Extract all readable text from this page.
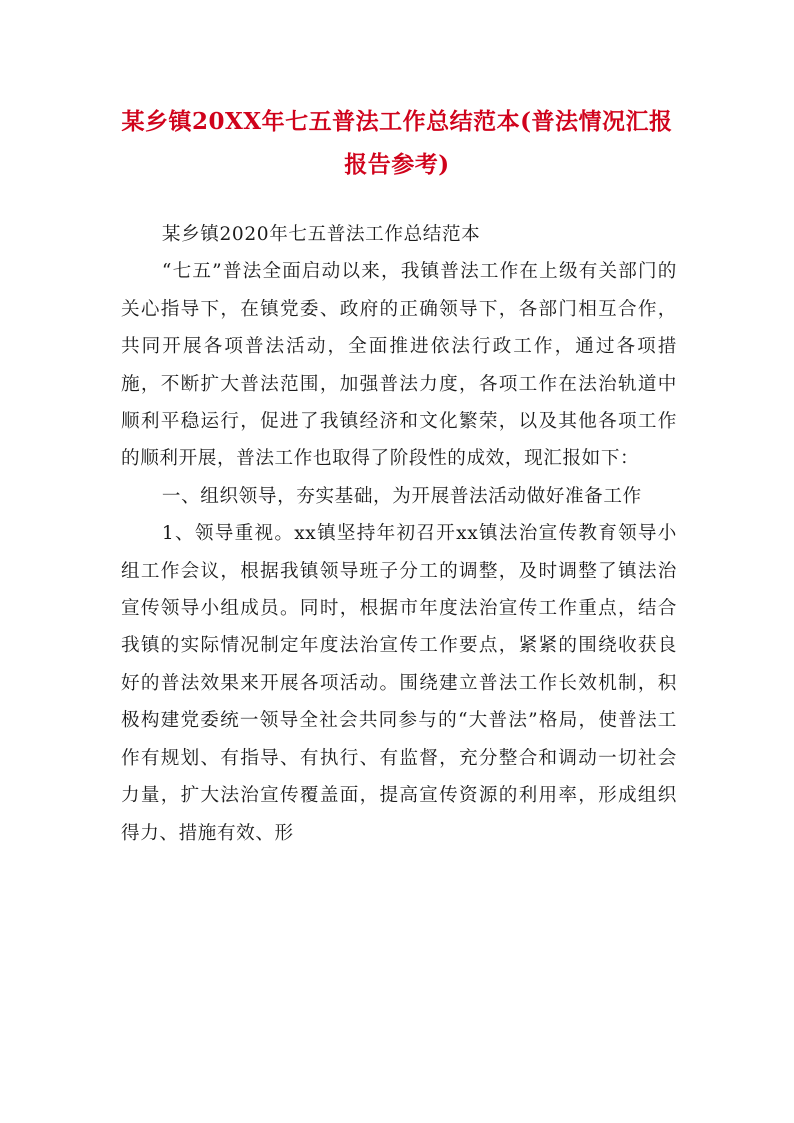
某乡镇20XX年七五普法工作总结范本(普法情况汇报
报告参考)

某乡镇2020年七五普法工作总结范本

“七五”普法全面启动以来，我镇普法工作在上级有关部门的关心指导下，在镇党委、政府的正确领导下，各部门相互合作，共同开展各项普法活动，全面推进依法行政工作，通过各项措施，不断扩大普法范围，加强普法力度，各项工作在法治轨道中顺利平稳运行，促进了我镇经济和文化繁荣，以及其他各项工作的顺利开展，普法工作也取得了阶段性的成效，现汇报如下：

一、组织领导，夯实基础，为开展普法活动做好准备工作

1、领导重视。xx镇坚持年初召开xx镇法治宣传教育领导小组工作会议，根据我镇领导班子分工的调整，及时调整了镇法治宣传领导小组成员。同时，根据市年度法治宣传工作重点，结合我镇的实际情况制定年度法治宣传工作要点，紧紧的围绕收获良好的普法效果来开展各项活动。围绕建立普法工作长效机制，积极构建党委统一领导全社会共同参与的“大普法”格局，使普法工作有规划、有指导、有执行、有监督，充分整合和调动一切社会力量，扩大法治宣传覆盖面，提高宣传资源的利用率，形成组织得力、措施有效、形
